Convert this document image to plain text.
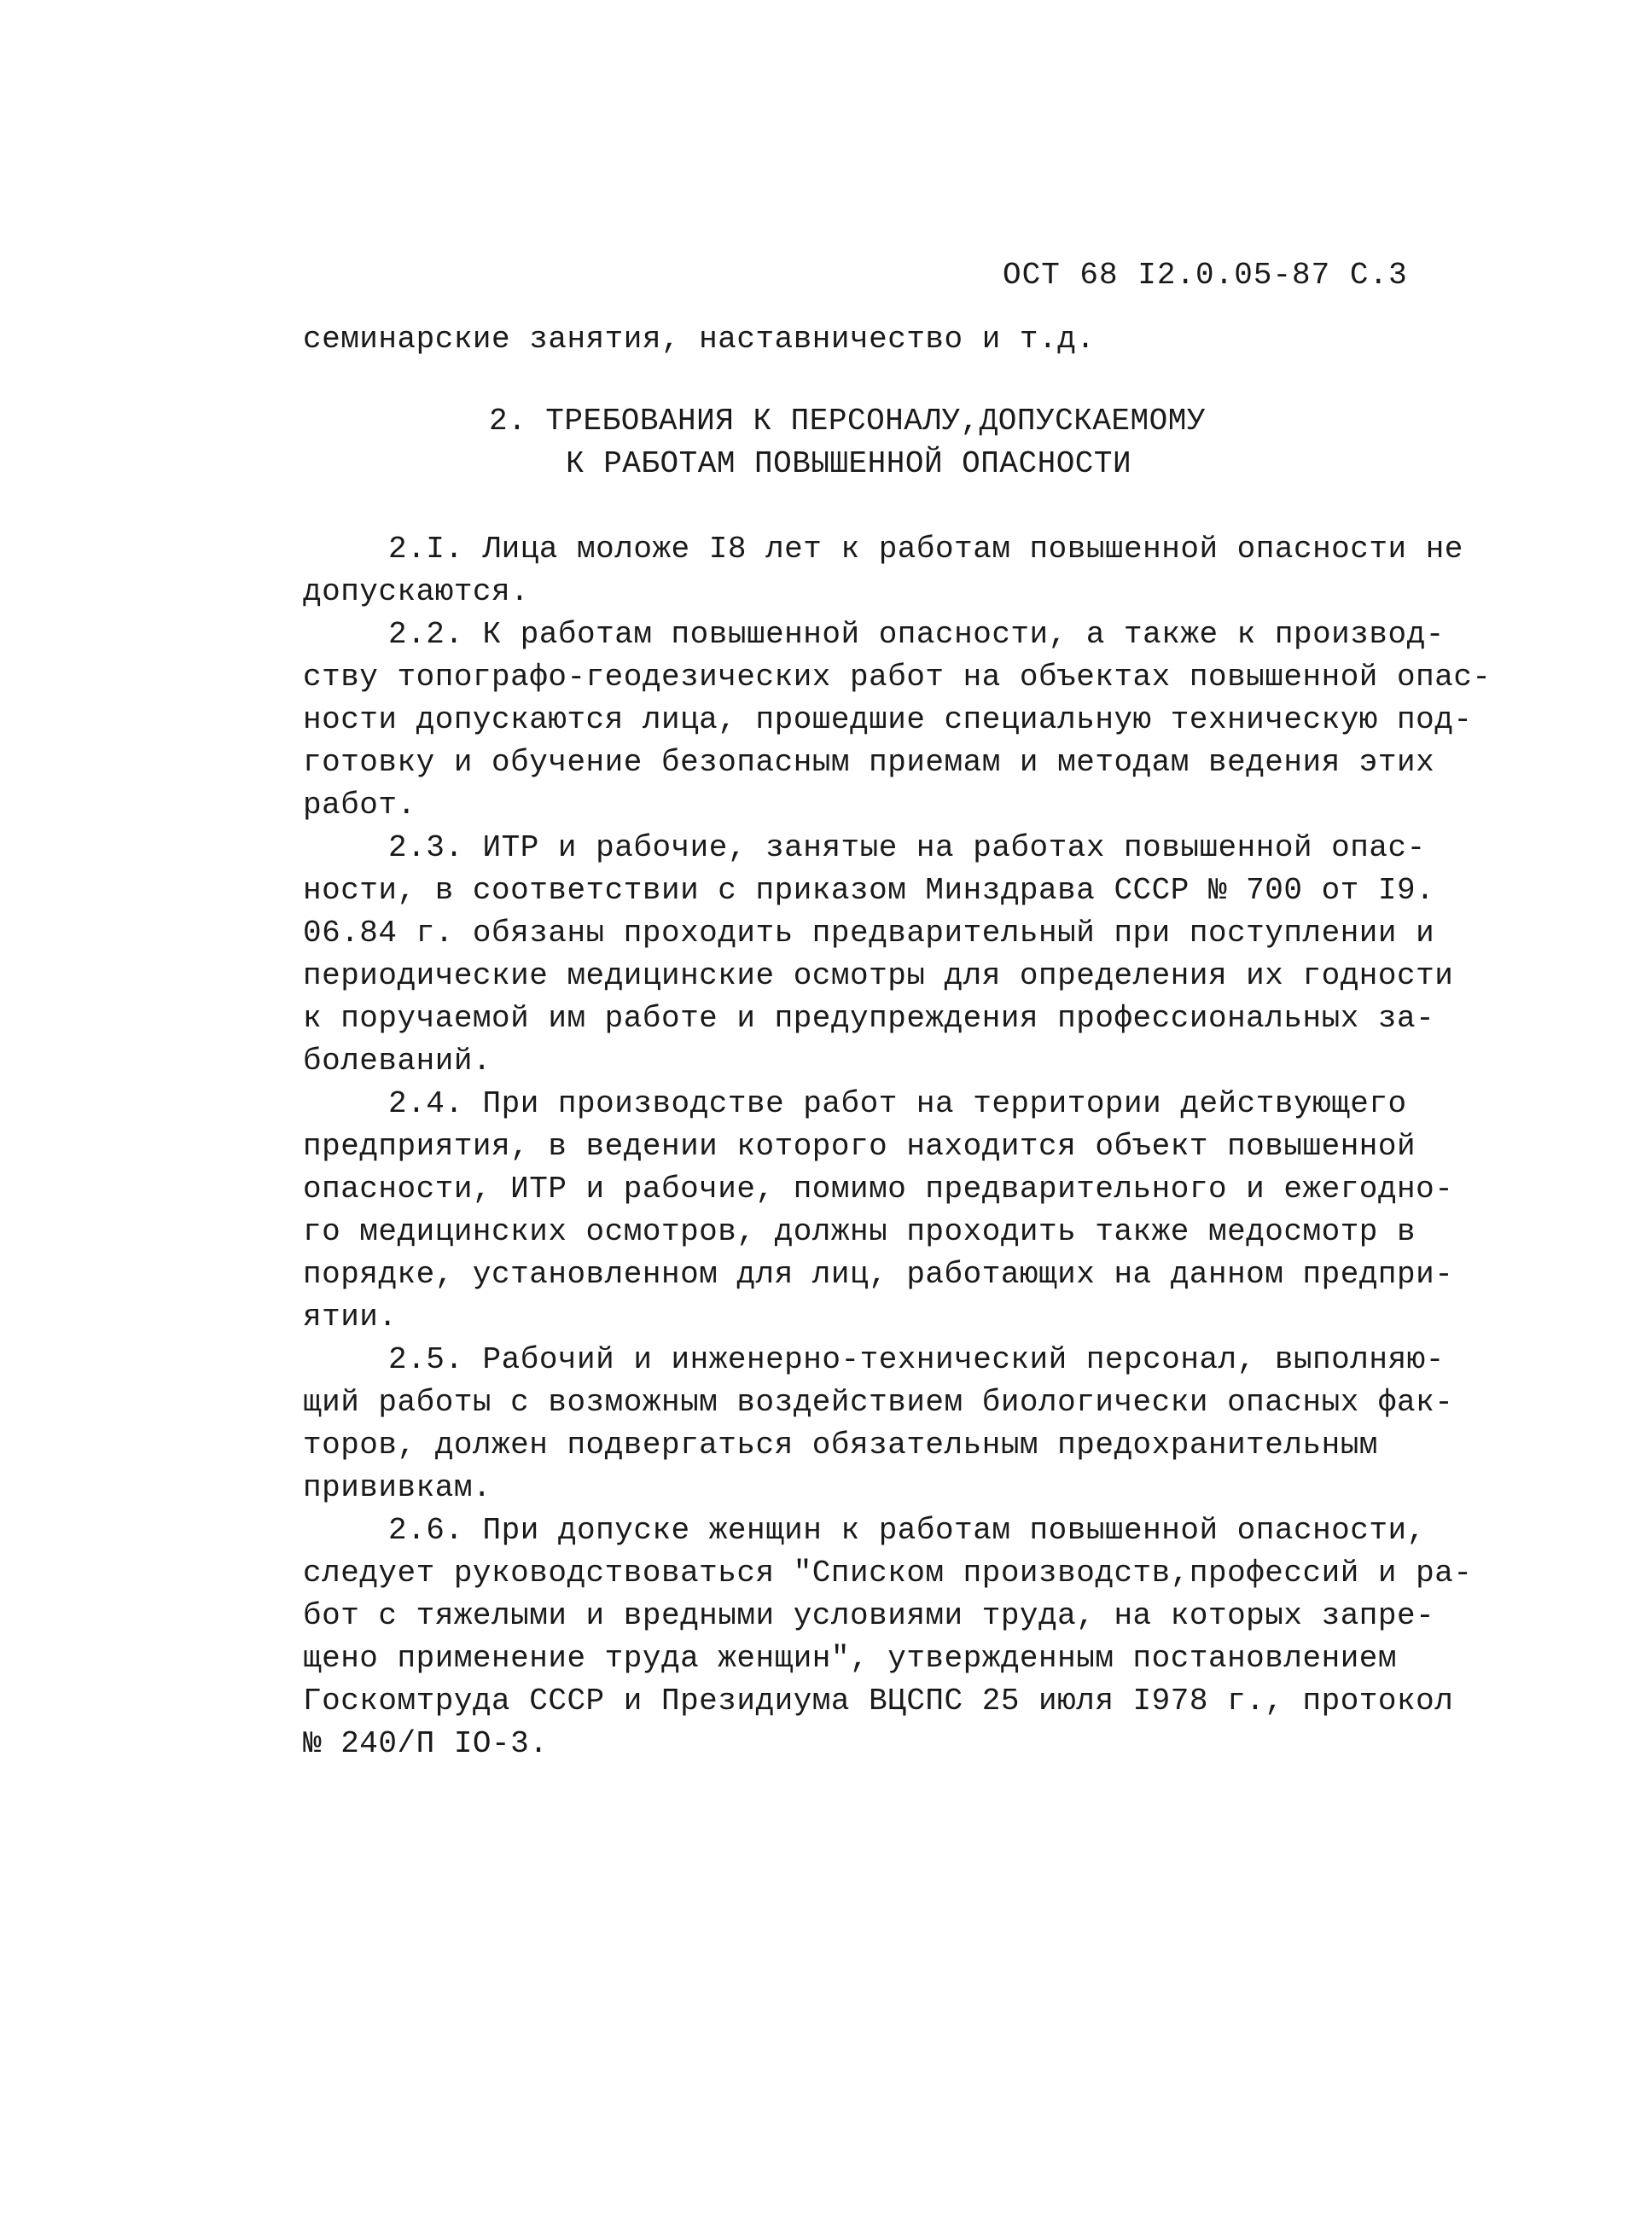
ОСТ 68 I2.0.05-87 С.3
семинарские занятия, наставничество и т.д.
2. ТРЕБОВАНИЯ К ПЕРСОНАЛУ,ДОПУСКАЕМОМУ
К РАБОТАМ ПОВЫШЕННОЙ ОПАСНОСТИ
2.I. Лица моложе I8 лет к работам повышенной опасности не
допускаются.
2.2. К работам повышенной опасности, а также к производ-
ству топографо-геодезических работ на объектах повышенной опас-
ности допускаются лица, прошедшие специальную техническую под-
готовку и обучение безопасным приемам и методам ведения этих
работ.
2.3. ИТР и рабочие, занятые на работах повышенной опас-
ности, в соответствии с приказом Минздрава СССР № 700 от I9.
06.84 г. обязаны проходить предварительный при поступлении и
периодические медицинские осмотры для определения их годности
к поручаемой им работе и предупреждения профессиональных за-
болеваний.
2.4. При производстве работ на территории действующего
предприятия, в ведении которого находится объект повышенной
опасности, ИТР и рабочие, помимо предварительного и ежегодно-
го медицинских осмотров, должны проходить также медосмотр в
порядке, установленном для лиц, работающих на данном предпри-
ятии.
2.5. Рабочий и инженерно-технический персонал, выполняю-
щий работы с возможным воздействием биологически опасных фак-
торов, должен подвергаться обязательным предохранительным
прививкам.
2.6. При допуске женщин к работам повышенной опасности,
следует руководствоваться "Списком производств,профессий и ра-
бот с тяжелыми и вредными условиями труда, на которых запре-
щено применение труда женщин", утвержденным постановлением
Госкомтруда СССР и Президиума ВЦСПС 25 июля I978 г., протокол
№ 240/П IO-3.
